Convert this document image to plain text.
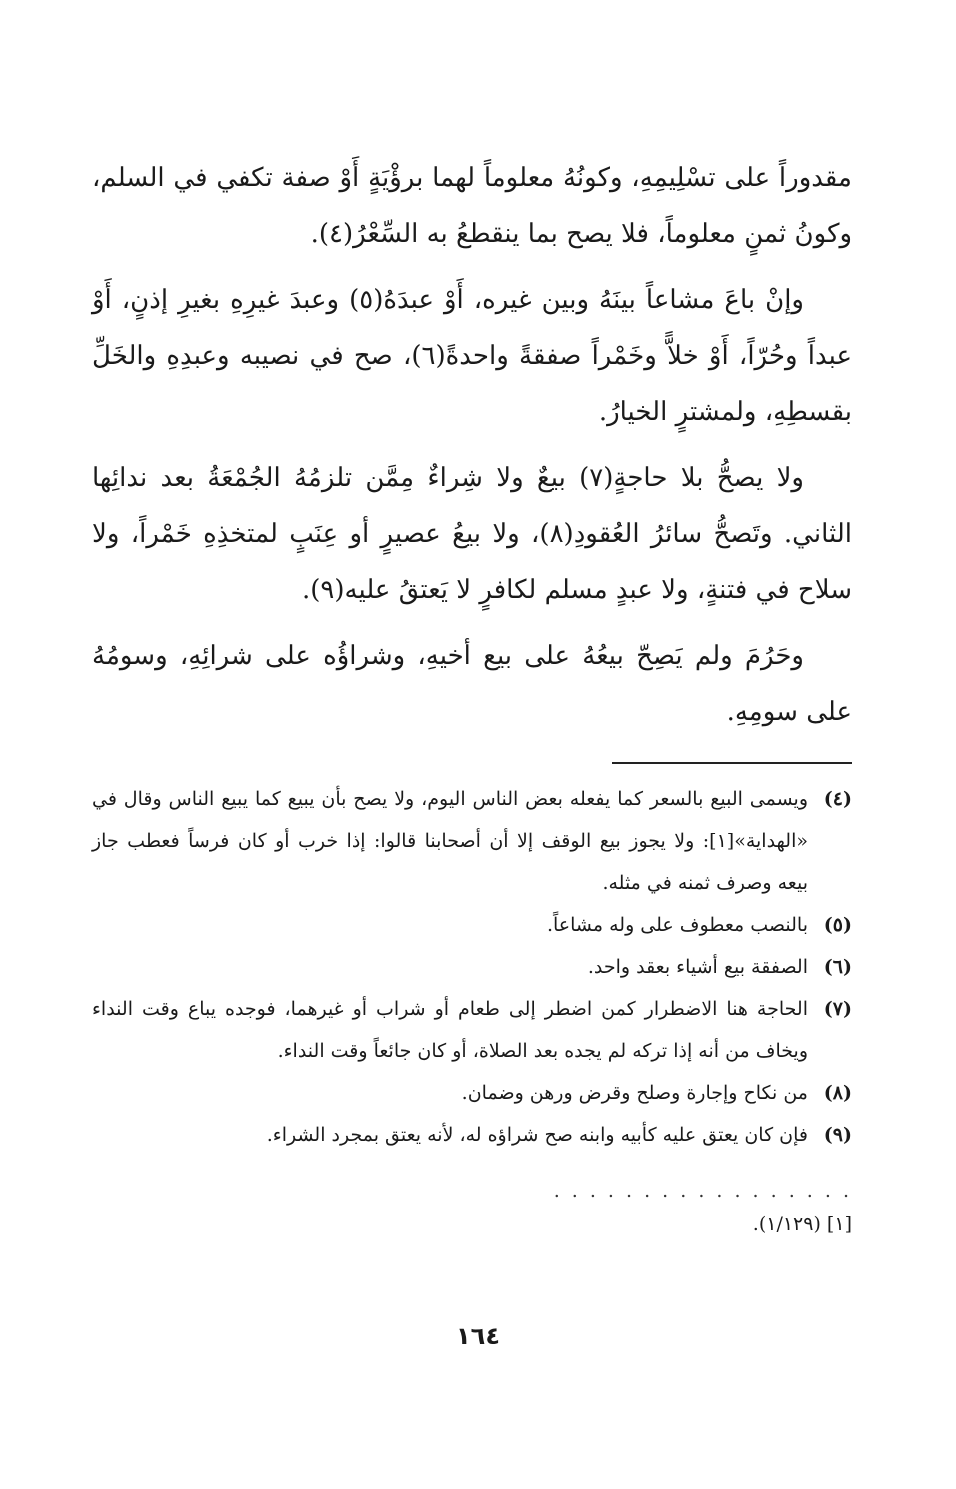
مقدوراً على تسْلِيمِهِ، وكونُهُ معلوماً لهما برؤْيَةٍ أَوْ صفة تكفي في السلم، وكونُ ثمنٍ معلوماً، فلا يصح بما ينقطعُ به السِّعْرُ(٤).

وإنْ باعَ مشاعاً بينَهُ وبين غيره، أَوْ عبدَهُ(٥) وعبدَ غيرِهِ بغيرِ إذنٍ، أَوْ عبداً وحُرّاً، أَوْ خلاًّ وخَمْراً صفقةً واحدةً(٦)، صح في نصيبه وعبدِهِ والخَلِّ بقسطِهِ، ولمشترٍ الخيارُ.

ولا يصحُّ بلا حاجةٍ(٧) بيعٌ ولا شِراءٌ مِمَّن تلزمُهُ الجُمْعَةُ بعد ندائِها الثاني. وتَصحُّ سائرُ العُقودِ(٨)، ولا بيعُ عصيرٍ أو عِنَبٍ لمتخذِهِ خَمْراً، ولا سلاح في فتنةٍ، ولا عبدٍ مسلم لكافرٍ لا يَعتقُ عليه(٩).

وحَرُمَ ولم يَصِحّ بيعُهُ على بيع أخيهِ، وشراؤُه على شرائِهِ، وسومُهُ على سومِهِ.

(٤)
ويسمى البيع بالسعر كما يفعله بعض الناس اليوم، ولا يصح بأن يبيع كما يبيع الناس وقال في «الهداية»[١]: ولا يجوز بيع الوقف إلا أن أصحابنا قالوا: إذا خرب أو كان فرساً فعطب جاز بيعه وصرف ثمنه في مثله.
(٥)
بالنصب معطوف على وله مشاعاً.
(٦)
الصفقة بيع أشياء بعقد واحد.
(٧)
الحاجة هنا الاضطرار كمن اضطر إلى طعام أو شراب أو غيرهما، فوجده يباع وقت النداء ويخاف من أنه إذا تركه لم يجده بعد الصلاة، أو كان جائعاً وقت النداء.
(٨)
من نكاح وإجارة وصلح وقرض ورهن وضمان.
(٩)
فإن كان يعتق عليه كأبيه وابنه صح شراؤه له، لأنه يعتق بمجرد الشراء.
. . . . . . . . . . . . . . . . .
[١] (١/١٢٩).
١٦٤
